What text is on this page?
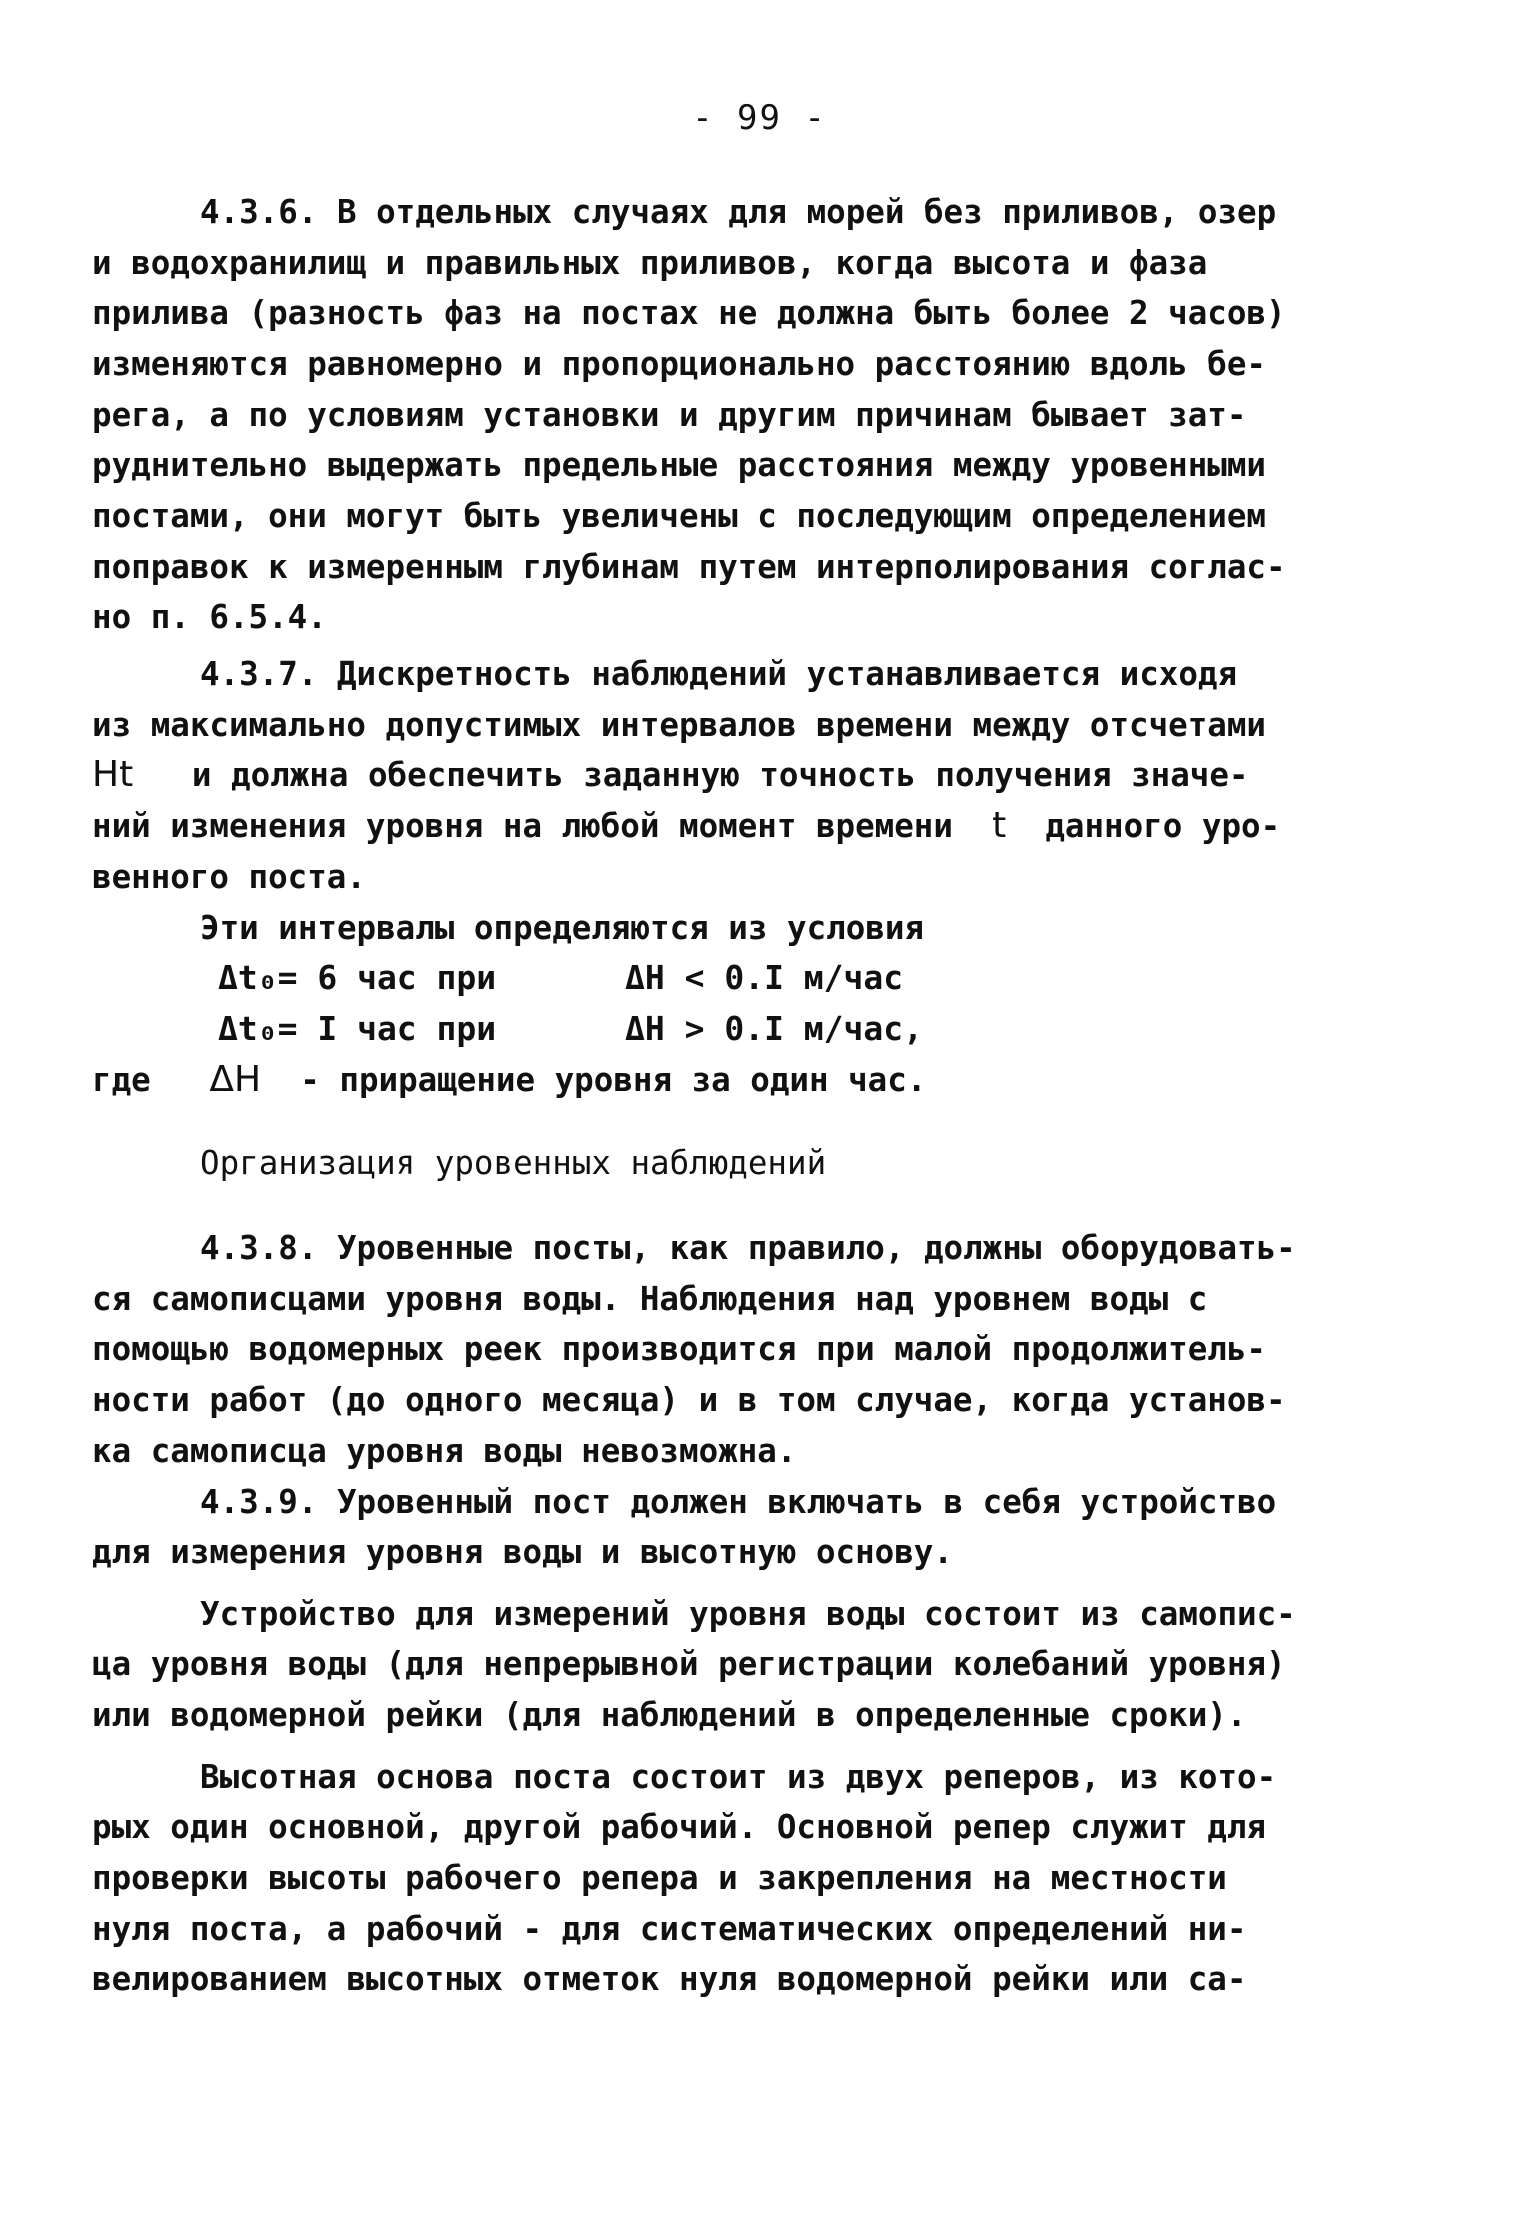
- 99 -
4.3.6. В отдельных случаях для морей без приливов, озер
и водохранилищ и правильных приливов, когда высота и фаза
прилива (разность фаз на постах не должна быть более 2 часов)
изменяются равномерно и пропорционально расстоянию вдоль бе-
рега, а по условиям установки и другим причинам бывает зат-
руднительно выдержать предельные расстояния между уровенными
постами, они могут быть увеличены с последующим определением
поправок к измеренным глубинам путем интерполирования соглас-
но п. 6.5.4.
4.3.7. Дискретность наблюдений устанавливается исходя
из максимально допустимых интервалов времени между отсчетами
Ht и должна обеспечить заданную точность получения значе-
ний изменения уровня на любой момент времени t данного уро-
венного поста.
Эти интервалы определяются из условия
Δt₀= 6 час при	ΔH < 0.I м/час
Δt₀= I час при	ΔH > 0.I м/час,
где ΔH - приращение уровня за один час.
Организация уровенных наблюдений
4.3.8. Уровенные посты, как правило, должны оборудовать-
ся самописцами уровня воды. Наблюдения над уровнем воды с
помощью водомерных реек производится при малой продолжитель-
ности работ (до одного месяца) и в том случае, когда установ-
ка самописца уровня воды невозможна.
4.3.9. Уровенный пост должен включать в себя устройство
для измерения уровня воды и высотную основу.
Устройство для измерений уровня воды состоит из самопис-
ца уровня воды (для непрерывной регистрации колебаний уровня)
или водомерной рейки (для наблюдений в определенные сроки).
Высотная основа поста состоит из двух реперов, из кото-
рых один основной, другой рабочий. Основной репер служит для
проверки высоты рабочего репера и закрепления на местности
нуля поста, а рабочий - для систематических определений ни-
велированием высотных отметок нуля водомерной рейки или са-
